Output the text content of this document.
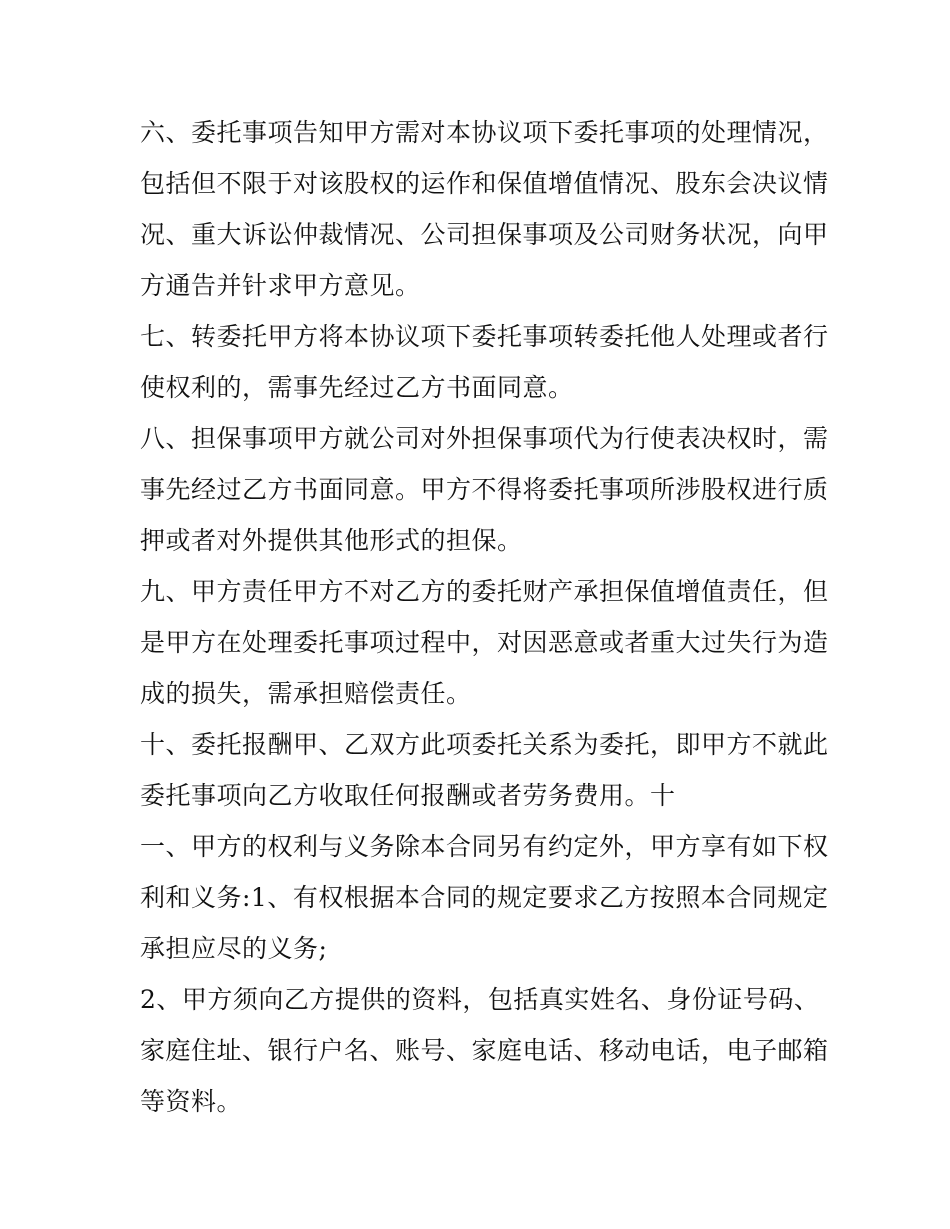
六、委托事项告知甲方需对本协议项下委托事项的处理情况，
包括但不限于对该股权的运作和保值增值情况、股东会决议情
况、重大诉讼仲裁情况、公司担保事项及公司财务状况，向甲
方通告并针求甲方意见。
七、转委托甲方将本协议项下委托事项转委托他人处理或者行
使权利的，需事先经过乙方书面同意。
八、担保事项甲方就公司对外担保事项代为行使表决权时，需
事先经过乙方书面同意。甲方不得将委托事项所涉股权进行质
押或者对外提供其他形式的担保。
九、甲方责任甲方不对乙方的委托财产承担保值增值责任，但
是甲方在处理委托事项过程中，对因恶意或者重大过失行为造
成的损失，需承担赔偿责任。
十、委托报酬甲、乙双方此项委托关系为委托，即甲方不就此
委托事项向乙方收取任何报酬或者劳务费用。十
一、甲方的权利与义务除本合同另有约定外，甲方享有如下权
利和义务:1、有权根据本合同的规定要求乙方按照本合同规定
承担应尽的义务;
2、甲方须向乙方提供的资料，包括真实姓名、身份证号码、
家庭住址、银行户名、账号、家庭电话、移动电话，电子邮箱
等资料。
